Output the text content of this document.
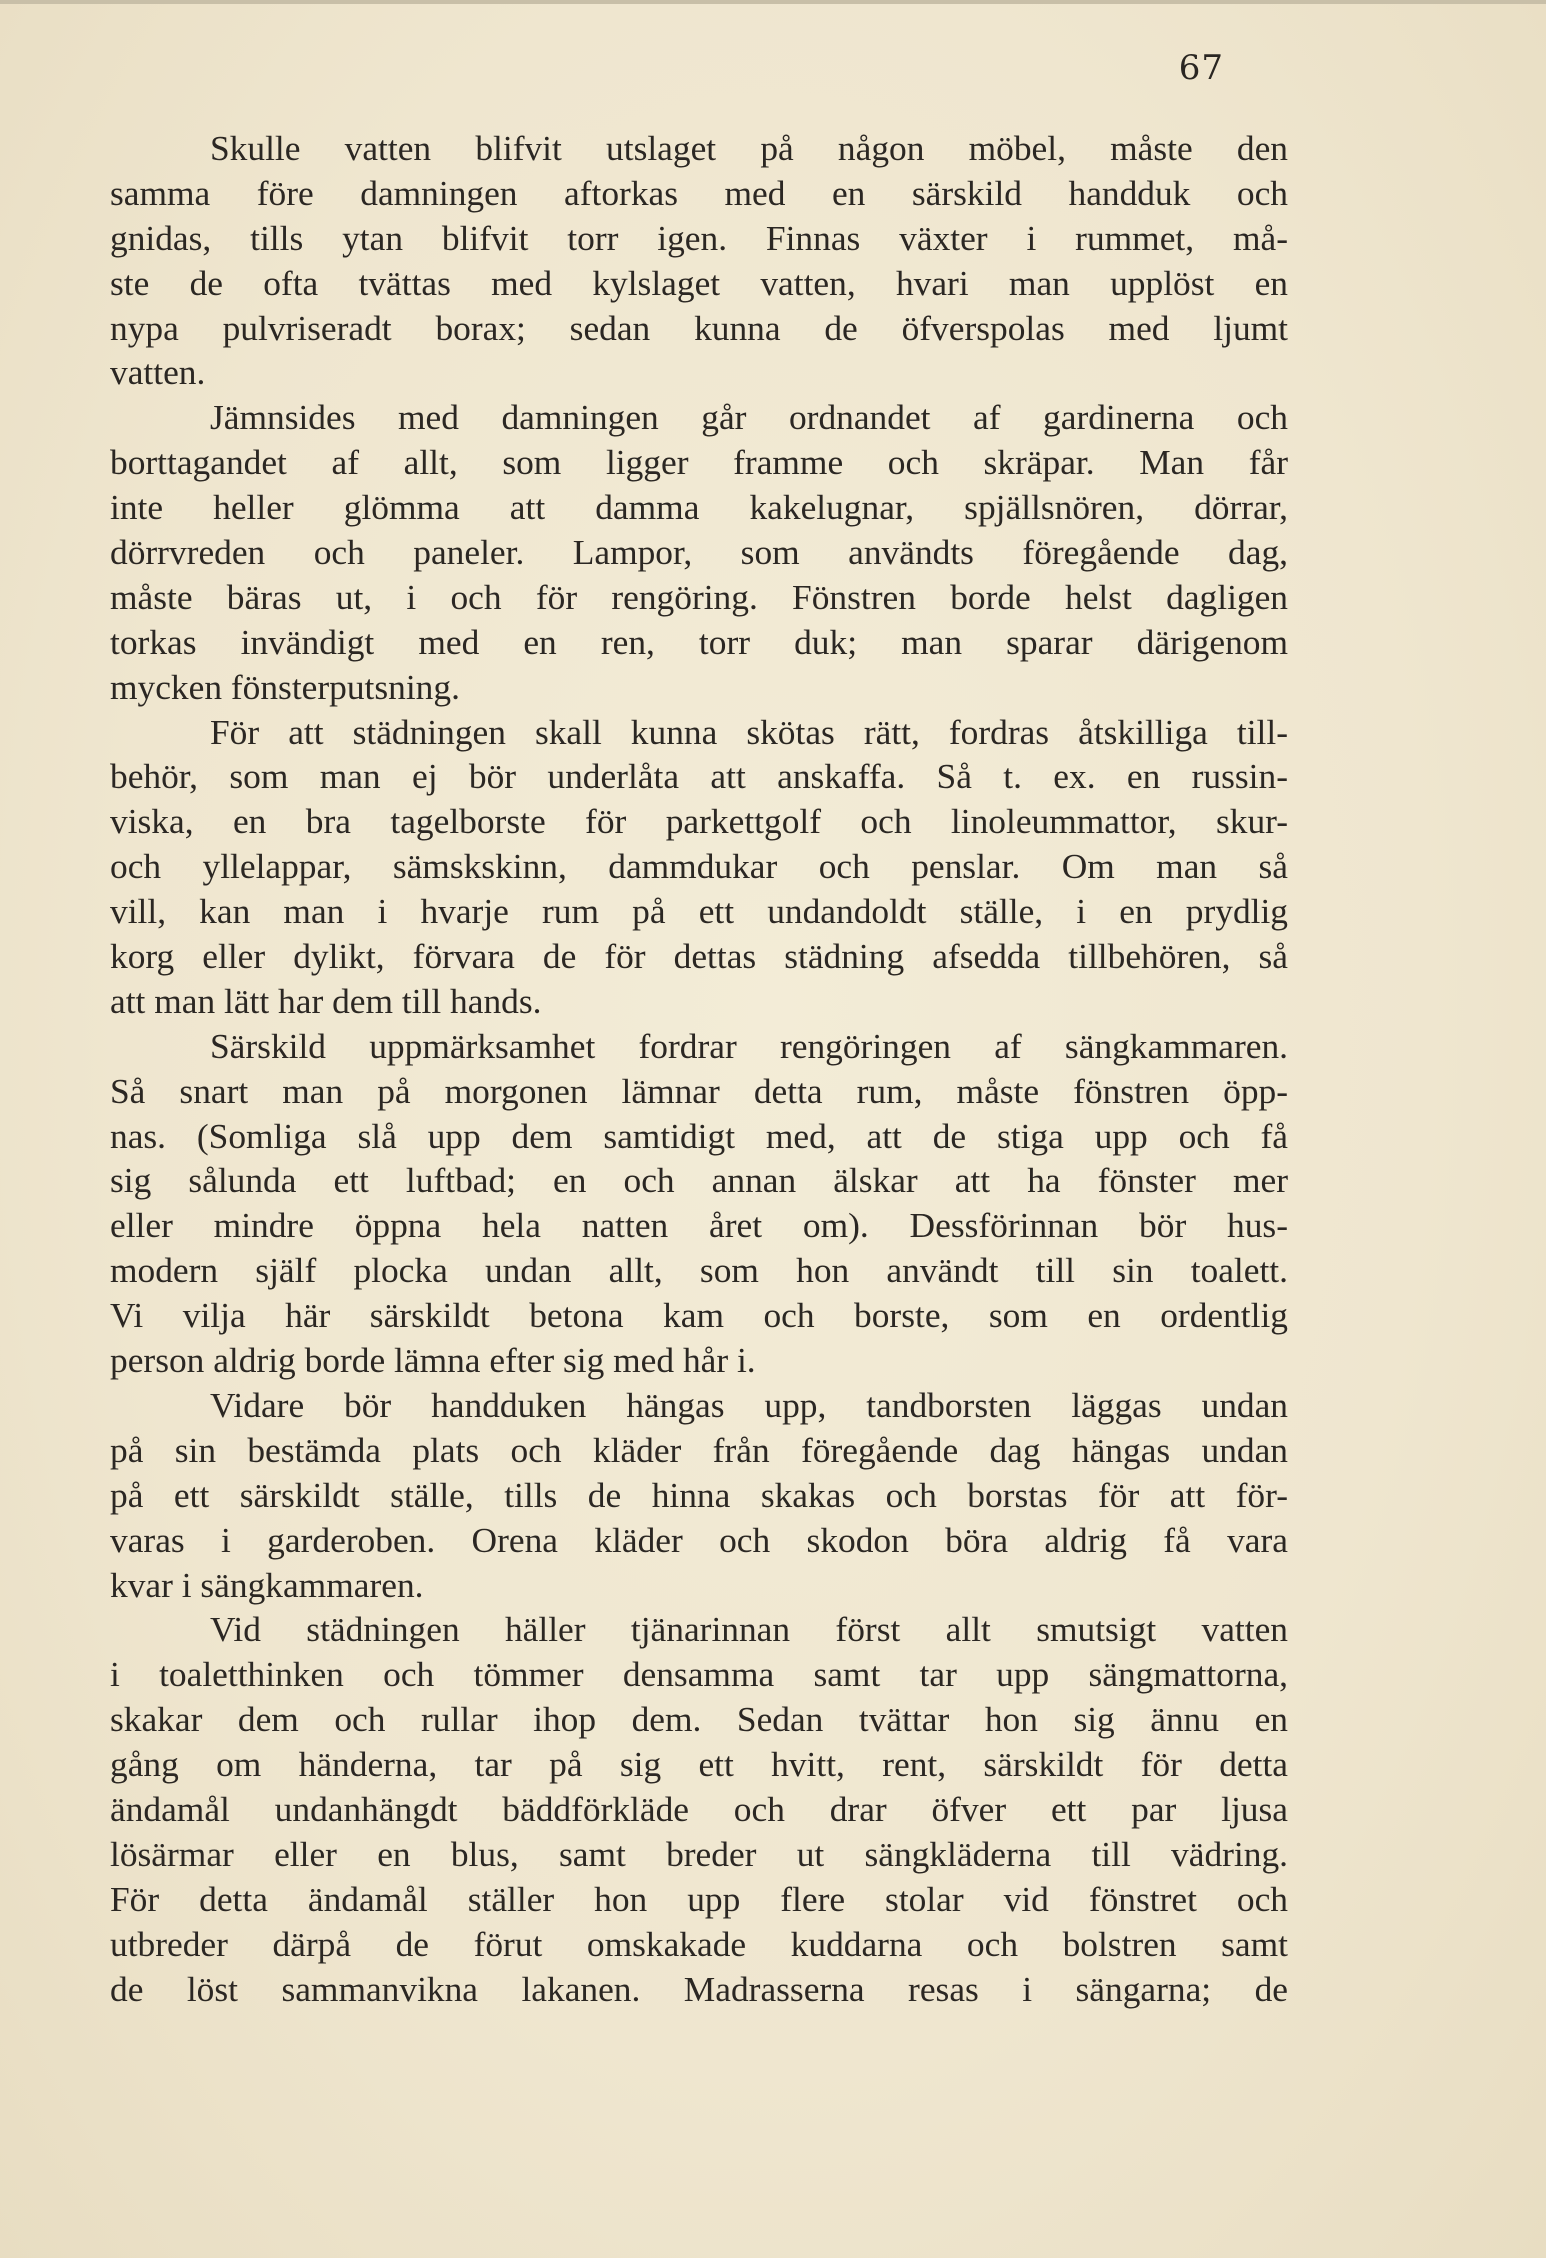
67
Skulle vatten blifvit utslaget på någon möbel, måste den
samma före damningen aftorkas med en särskild handduk och
gnidas, tills ytan blifvit torr igen. Finnas växter i rummet, må-
ste de ofta tvättas med kylslaget vatten, hvari man upplöst en
nypa pulvriseradt borax; sedan kunna de öfverspolas med ljumt
vatten.
Jämnsides med damningen går ordnandet af gardinerna och
borttagandet af allt, som ligger framme och skräpar. Man får
inte heller glömma att damma kakelugnar, spjällsnören, dörrar,
dörrvreden och paneler. Lampor, som användts föregående dag,
måste bäras ut, i och för rengöring. Fönstren borde helst dagligen
torkas invändigt med en ren, torr duk; man sparar därigenom
mycken fönsterputsning.
För att städningen skall kunna skötas rätt, fordras åtskilliga till-
behör, som man ej bör underlåta att anskaffa. Så t. ex. en russin-
viska, en bra tagelborste för parkettgolf och linoleummattor, skur-
och yllelappar, sämskskinn, dammdukar och penslar. Om man så
vill, kan man i hvarje rum på ett undandoldt ställe, i en prydlig
korg eller dylikt, förvara de för dettas städning afsedda tillbehören, så
att man lätt har dem till hands.
Särskild uppmärksamhet fordrar rengöringen af sängkammaren.
Så snart man på morgonen lämnar detta rum, måste fönstren öpp-
nas. (Somliga slå upp dem samtidigt med, att de stiga upp och få
sig sålunda ett luftbad; en och annan älskar att ha fönster mer
eller mindre öppna hela natten året om). Dessförinnan bör hus-
modern själf plocka undan allt, som hon användt till sin toalett.
Vi vilja här särskildt betona kam och borste, som en ordentlig
person aldrig borde lämna efter sig med hår i.
Vidare bör handduken hängas upp, tandborsten läggas undan
på sin bestämda plats och kläder från föregående dag hängas undan
på ett särskildt ställe, tills de hinna skakas och borstas för att för-
varas i garderoben. Orena kläder och skodon böra aldrig få vara
kvar i sängkammaren.
Vid städningen häller tjänarinnan först allt smutsigt vatten
i toaletthinken och tömmer densamma samt tar upp sängmattorna,
skakar dem och rullar ihop dem. Sedan tvättar hon sig ännu en
gång om händerna, tar på sig ett hvitt, rent, särskildt för detta
ändamål undanhängdt bäddförkläde och drar öfver ett par ljusa
lösärmar eller en blus, samt breder ut sängkläderna till vädring.
För detta ändamål ställer hon upp flere stolar vid fönstret och
utbreder därpå de förut omskakade kuddarna och bolstren samt
de löst sammanvikna lakanen. Madrasserna resas i sängarna; de
